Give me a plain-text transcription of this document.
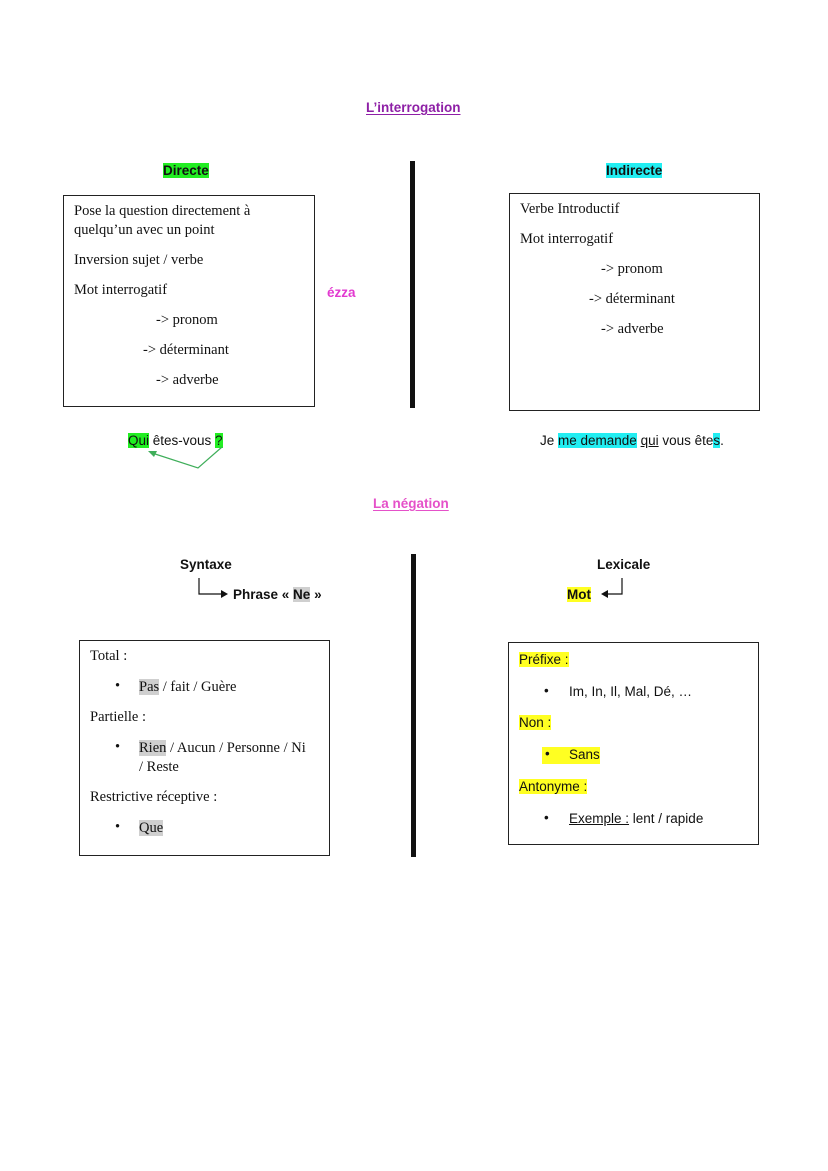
L’interrogation
Directe	Indirecte
Pose la question directement à
quelqu’un avec un point
Inversion sujet / verbe
Mot interrogatif
-> pronom
-> déterminant
-> adverbe
ézza
Verbe Introductif
Mot interrogatif
-> pronom
-> déterminant
-> adverbe
Qui êtes-vous ?	Je me demande qui vous êtes.
La négation
Syntaxe
Phrase « Ne »
Lexicale
Mot
Total :
• Pas / fait / Guère
Partielle :
• Rien / Aucun / Personne / Ni
/ Reste
Restrictive réceptive :
• Que
Préfixe :
• Im, In, Il, Mal, Dé, …
Non :
• Sans
Antonyme :
• Exemple : lent / rapide
